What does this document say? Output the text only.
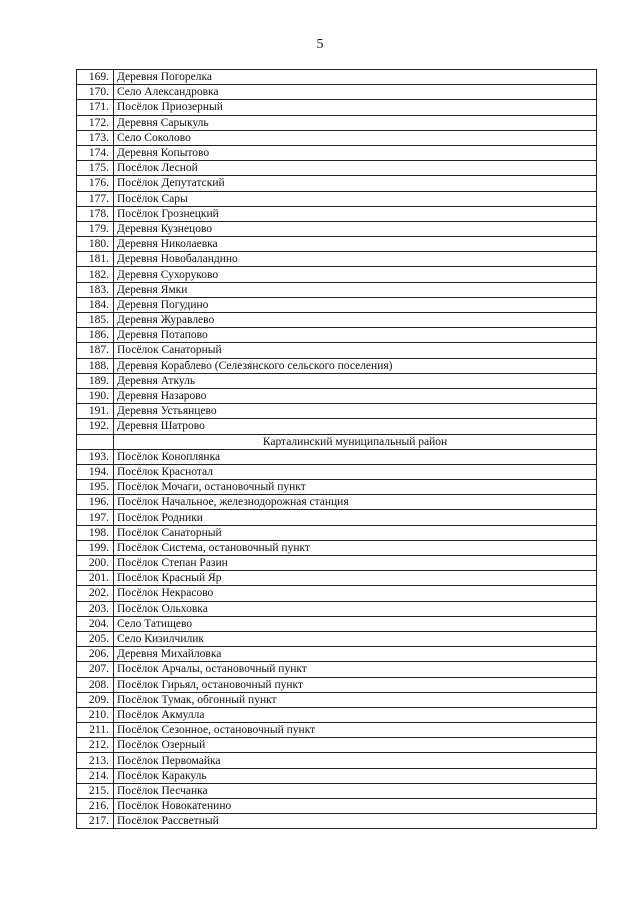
5
169.	Деревня Погорелка
170.	Село Александровка
171.	Посёлок Приозерный
172.	Деревня Сарыкуль
173.	Село Соколово
174.	Деревня Копытово
175.	Посёлок Лесной
176.	Посёлок Депутатский
177.	Посёлок Сары
178.	Посёлок Грознецкий
179.	Деревня Кузнецово
180.	Деревня Николаевка
181.	Деревня Новобаландино
182.	Деревня Сухоруково
183.	Деревня Ямки
184.	Деревня Погудино
185.	Деревня Журавлево
186.	Деревня Потапово
187.	Посёлок Санаторный
188.	Деревня Кораблево (Селезянского сельского поселения)
189.	Деревня Аткуль
190.	Деревня Назарово
191.	Деревня Устьянцево
192.	Деревня Шатрово
	Карталинский муниципальный район
193.	Посёлок Коноплянка
194.	Посёлок Краснотал
195.	Посёлок Мочаги, остановочный пункт
196.	Посёлок Начальное, железнодорожная станция
197.	Посёлок Родники
198.	Посёлок Санаторный
199.	Посёлок Система, остановочный пункт
200.	Посёлок Степан Разин
201.	Посёлок Красный Яр
202.	Посёлок Некрасово
203.	Посёлок Ольховка
204.	Село Татищево
205.	Село Кизилчилик
206.	Деревня Михайловка
207.	Посёлок Арчалы, остановочный пункт
208.	Посёлок Гирьял, остановочный пункт
209.	Посёлок Тумак, обгонный пункт
210.	Посёлок Акмулла
211.	Посёлок Сезонное, остановочный пункт
212.	Посёлок Озерный
213.	Посёлок Первомайка
214.	Посёлок Каракуль
215.	Посёлок Песчанка
216.	Посёлок Новокатенино
217.	Посёлок Рассветный
